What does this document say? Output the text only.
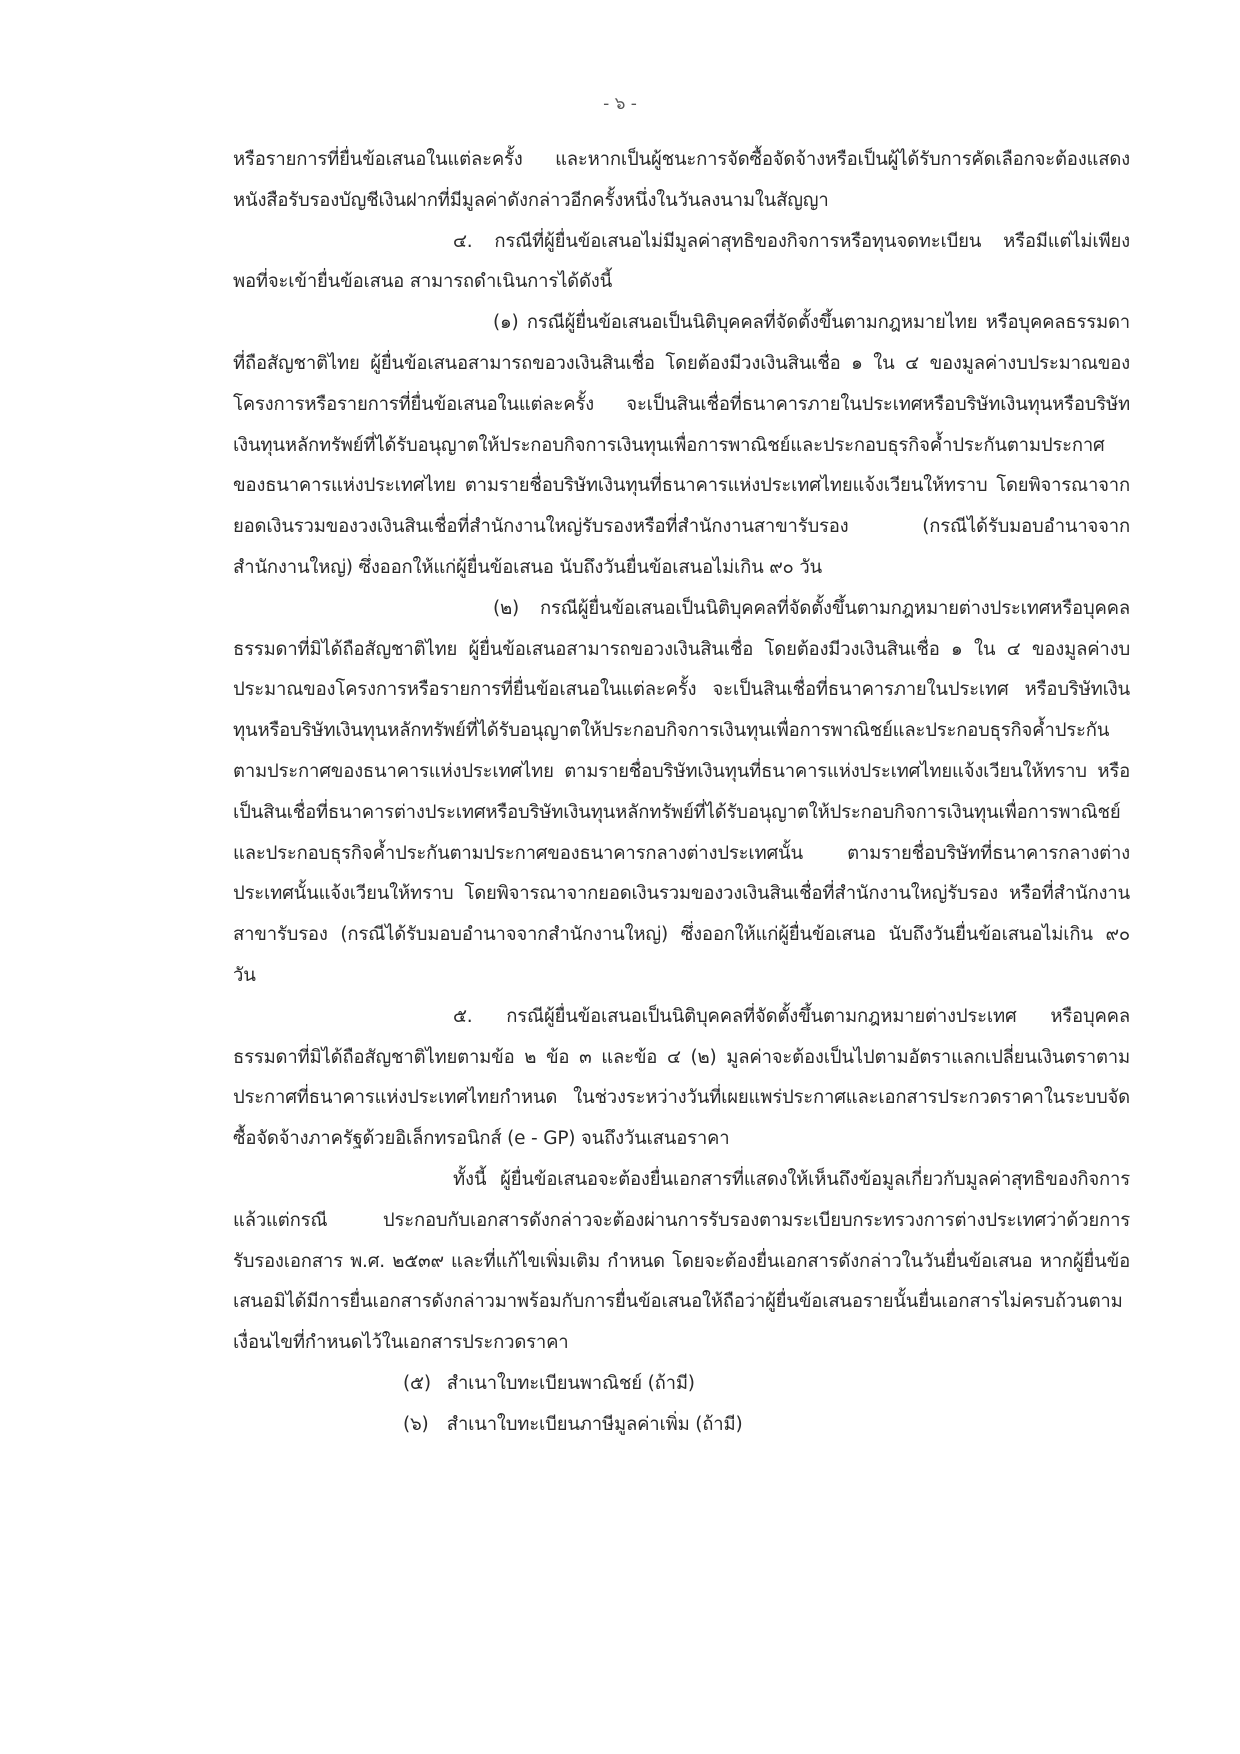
- ๖ -

หรือรายการที่ยื่นข้อเสนอในแต่ละครั้ง และหากเป็นผู้ชนะการจัดซื้อจัดจ้างหรือเป็นผู้ได้รับการคัดเลือกจะต้องแสดงหนังสือรับรองบัญชีเงินฝากที่มีมูลค่าดังกล่าวอีกครั้งหนึ่งในวันลงนามในสัญญา

๔. กรณีที่ผู้ยื่นข้อเสนอไม่มีมูลค่าสุทธิของกิจการหรือทุนจดทะเบียน หรือมีแต่ไม่เพียงพอที่จะเข้ายื่นข้อเสนอ สามารถดำเนินการได้ดังนี้

(๑) กรณีผู้ยื่นข้อเสนอเป็นนิติบุคคลที่จัดตั้งขึ้นตามกฎหมายไทย หรือบุคคลธรรมดาที่ถือสัญชาติไทย ผู้ยื่นข้อเสนอสามารถขอวงเงินสินเชื่อ โดยต้องมีวงเงินสินเชื่อ ๑ ใน ๔ ของมูลค่างบประมาณของโครงการหรือรายการที่ยื่นข้อเสนอในแต่ละครั้ง จะเป็นสินเชื่อที่ธนาคารภายในประเทศหรือบริษัทเงินทุนหรือบริษัทเงินทุนหลักทรัพย์ที่ได้รับอนุญาตให้ประกอบกิจการเงินทุนเพื่อการพาณิชย์และประกอบธุรกิจค้ำประกันตามประกาศของธนาคารแห่งประเทศไทย ตามรายชื่อบริษัทเงินทุนที่ธนาคารแห่งประเทศไทยแจ้งเวียนให้ทราบ โดยพิจารณาจากยอดเงินรวมของวงเงินสินเชื่อที่สำนักงานใหญ่รับรองหรือที่สำนักงานสาขารับรอง (กรณีได้รับมอบอำนาจจากสำนักงานใหญ่) ซึ่งออกให้แก่ผู้ยื่นข้อเสนอ นับถึงวันยื่นข้อเสนอไม่เกิน ๙๐ วัน

(๒) กรณีผู้ยื่นข้อเสนอเป็นนิติบุคคลที่จัดตั้งขึ้นตามกฎหมายต่างประเทศหรือบุคคลธรรมดาที่มิได้ถือสัญชาติไทย ผู้ยื่นข้อเสนอสามารถขอวงเงินสินเชื่อ โดยต้องมีวงเงินสินเชื่อ ๑ ใน ๔ ของมูลค่างบประมาณของโครงการหรือรายการที่ยื่นข้อเสนอในแต่ละครั้ง จะเป็นสินเชื่อที่ธนาคารภายในประเทศ หรือบริษัทเงินทุนหรือบริษัทเงินทุนหลักทรัพย์ที่ได้รับอนุญาตให้ประกอบกิจการเงินทุนเพื่อการพาณิชย์และประกอบธุรกิจค้ำประกันตามประกาศของธนาคารแห่งประเทศไทย ตามรายชื่อบริษัทเงินทุนที่ธนาคารแห่งประเทศไทยแจ้งเวียนให้ทราบ หรือเป็นสินเชื่อที่ธนาคารต่างประเทศหรือบริษัทเงินทุนหลักทรัพย์ที่ได้รับอนุญาตให้ประกอบกิจการเงินทุนเพื่อการพาณิชย์และประกอบธุรกิจค้ำประกันตามประกาศของธนาคารกลางต่างประเทศนั้น ตามรายชื่อบริษัทที่ธนาคารกลางต่างประเทศนั้นแจ้งเวียนให้ทราบ โดยพิจารณาจากยอดเงินรวมของวงเงินสินเชื่อที่สำนักงานใหญ่รับรอง หรือที่สำนักงานสาขารับรอง (กรณีได้รับมอบอำนาจจากสำนักงานใหญ่) ซึ่งออกให้แก่ผู้ยื่นข้อเสนอ นับถึงวันยื่นข้อเสนอไม่เกิน ๙๐ วัน

๕. กรณีผู้ยื่นข้อเสนอเป็นนิติบุคคลที่จัดตั้งขึ้นตามกฎหมายต่างประเทศ หรือบุคคลธรรมดาที่มิได้ถือสัญชาติไทยตามข้อ ๒ ข้อ ๓ และข้อ ๔ (๒) มูลค่าจะต้องเป็นไปตามอัตราแลกเปลี่ยนเงินตราตามประกาศที่ธนาคารแห่งประเทศไทยกำหนด ในช่วงระหว่างวันที่เผยแพร่ประกาศและเอกสารประกวดราคาในระบบจัดซื้อจัดจ้างภาครัฐด้วยอิเล็กทรอนิกส์ (e - GP) จนถึงวันเสนอราคา

ทั้งนี้ ผู้ยื่นข้อเสนอจะต้องยื่นเอกสารที่แสดงให้เห็นถึงข้อมูลเกี่ยวกับมูลค่าสุทธิของกิจการแล้วแต่กรณี ประกอบกับเอกสารดังกล่าวจะต้องผ่านการรับรองตามระเบียบกระทรวงการต่างประเทศว่าด้วยการรับรองเอกสาร พ.ศ. ๒๕๓๙ และที่แก้ไขเพิ่มเติม กำหนด โดยจะต้องยื่นเอกสารดังกล่าวในวันยื่นข้อเสนอ หากผู้ยื่นข้อเสนอมิได้มีการยื่นเอกสารดังกล่าวมาพร้อมกับการยื่นข้อเสนอให้ถือว่าผู้ยื่นข้อเสนอรายนั้นยื่นเอกสารไม่ครบถ้วนตามเงื่อนไขที่กำหนดไว้ในเอกสารประกวดราคา

(๕) สำเนาใบทะเบียนพาณิชย์ (ถ้ามี)

(๖) สำเนาใบทะเบียนภาษีมูลค่าเพิ่ม (ถ้ามี)
